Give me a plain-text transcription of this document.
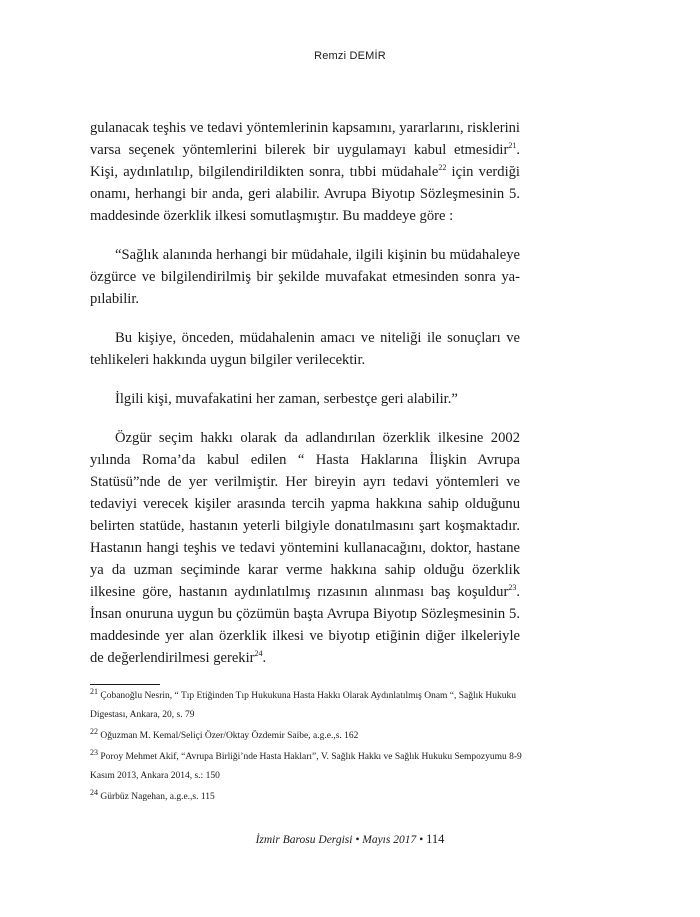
Remzi DEMİR

gulanacak teşhis ve tedavi yöntemlerinin kapsamını, yararlarını, risklerini varsa seçenek yöntemlerini bilerek bir uygulamayı kabul etmesidir$^{21}$. Kişi, aydınlatılıp, bilgilendirildikten sonra, tıbbi müdahale$^{22}$ için verdiği onamı, herhangi bir anda, geri alabilir. Avrupa Biyotıp Sözleşmesinin 5. maddesinde özerklik ilkesi somutlaşmıştır. Bu maddeye göre :

“Sağlık alanında herhangi bir müdahale, ilgili kişinin bu müdahaleye özgürce ve bilgilendirilmiş bir şekilde muvafakat etmesinden sonra yapılabilir.

Bu kişiye, önceden, müdahalenin amacı ve niteliği ile sonuçları ve tehlikeleri hakkında uygun bilgiler verilecektir.

İlgili kişi, muvafakatini her zaman, serbestçe geri alabilir.”

Özgür seçim hakkı olarak da adlandırılan özerklik ilkesine 2002 yılında Roma’da kabul edilen “ Hasta Haklarına İlişkin Avrupa Statüsü”nde de yer verilmiştir. Her bireyin ayrı tedavi yöntemleri ve tedaviyi verecek kişiler arasında tercih yapma hakkına sahip olduğunu belirten statüde, hastanın yeterli bilgiyle donatılmasını şart koşmaktadır. Hastanın hangi teşhis ve tedavi yöntemini kullanacağını, doktor, hastane ya da uzman seçiminde karar verme hakkına sahip olduğu özerklik ilkesine göre, hastanın aydınlatılmış rızasının alınması baş koşuldur$^{23}$. İnsan onuruna uygun bu çözümün başta Avrupa Biyotıp Sözleşmesinin 5. maddesinde yer alan özerklik ilkesi ve biyotıp etiğinin diğer ilkeleriyle de değerlendirilmesi gerekir$^{24}$.

$^{21}$ Çobanoğlu Nesrin, “ Tıp Etiğinden Tıp Hukukuna Hasta Hakkı Olarak Aydınlatılmış Onam “, Sağlık Hukuku Digestası, Ankara, 20, s. 79

$^{22}$ Oğuzman M. Kemal/Seliçi Özer/Oktay Özdemir Saibe, a.g.e.,s. 162

$^{23}$ Poroy Mehmet Akif, “Avrupa Birliği’nde Hasta Hakları”, V. Sağlık Hakkı ve Sağlık Hukuku Sempozyumu 8-9 Kasım 2013, Ankara 2014, s.: 150

$^{24}$ Gürbüz Nagehan, a.g.e.,s. 115

İzmir Barosu Dergisi • Mayıs 2017 • 114
